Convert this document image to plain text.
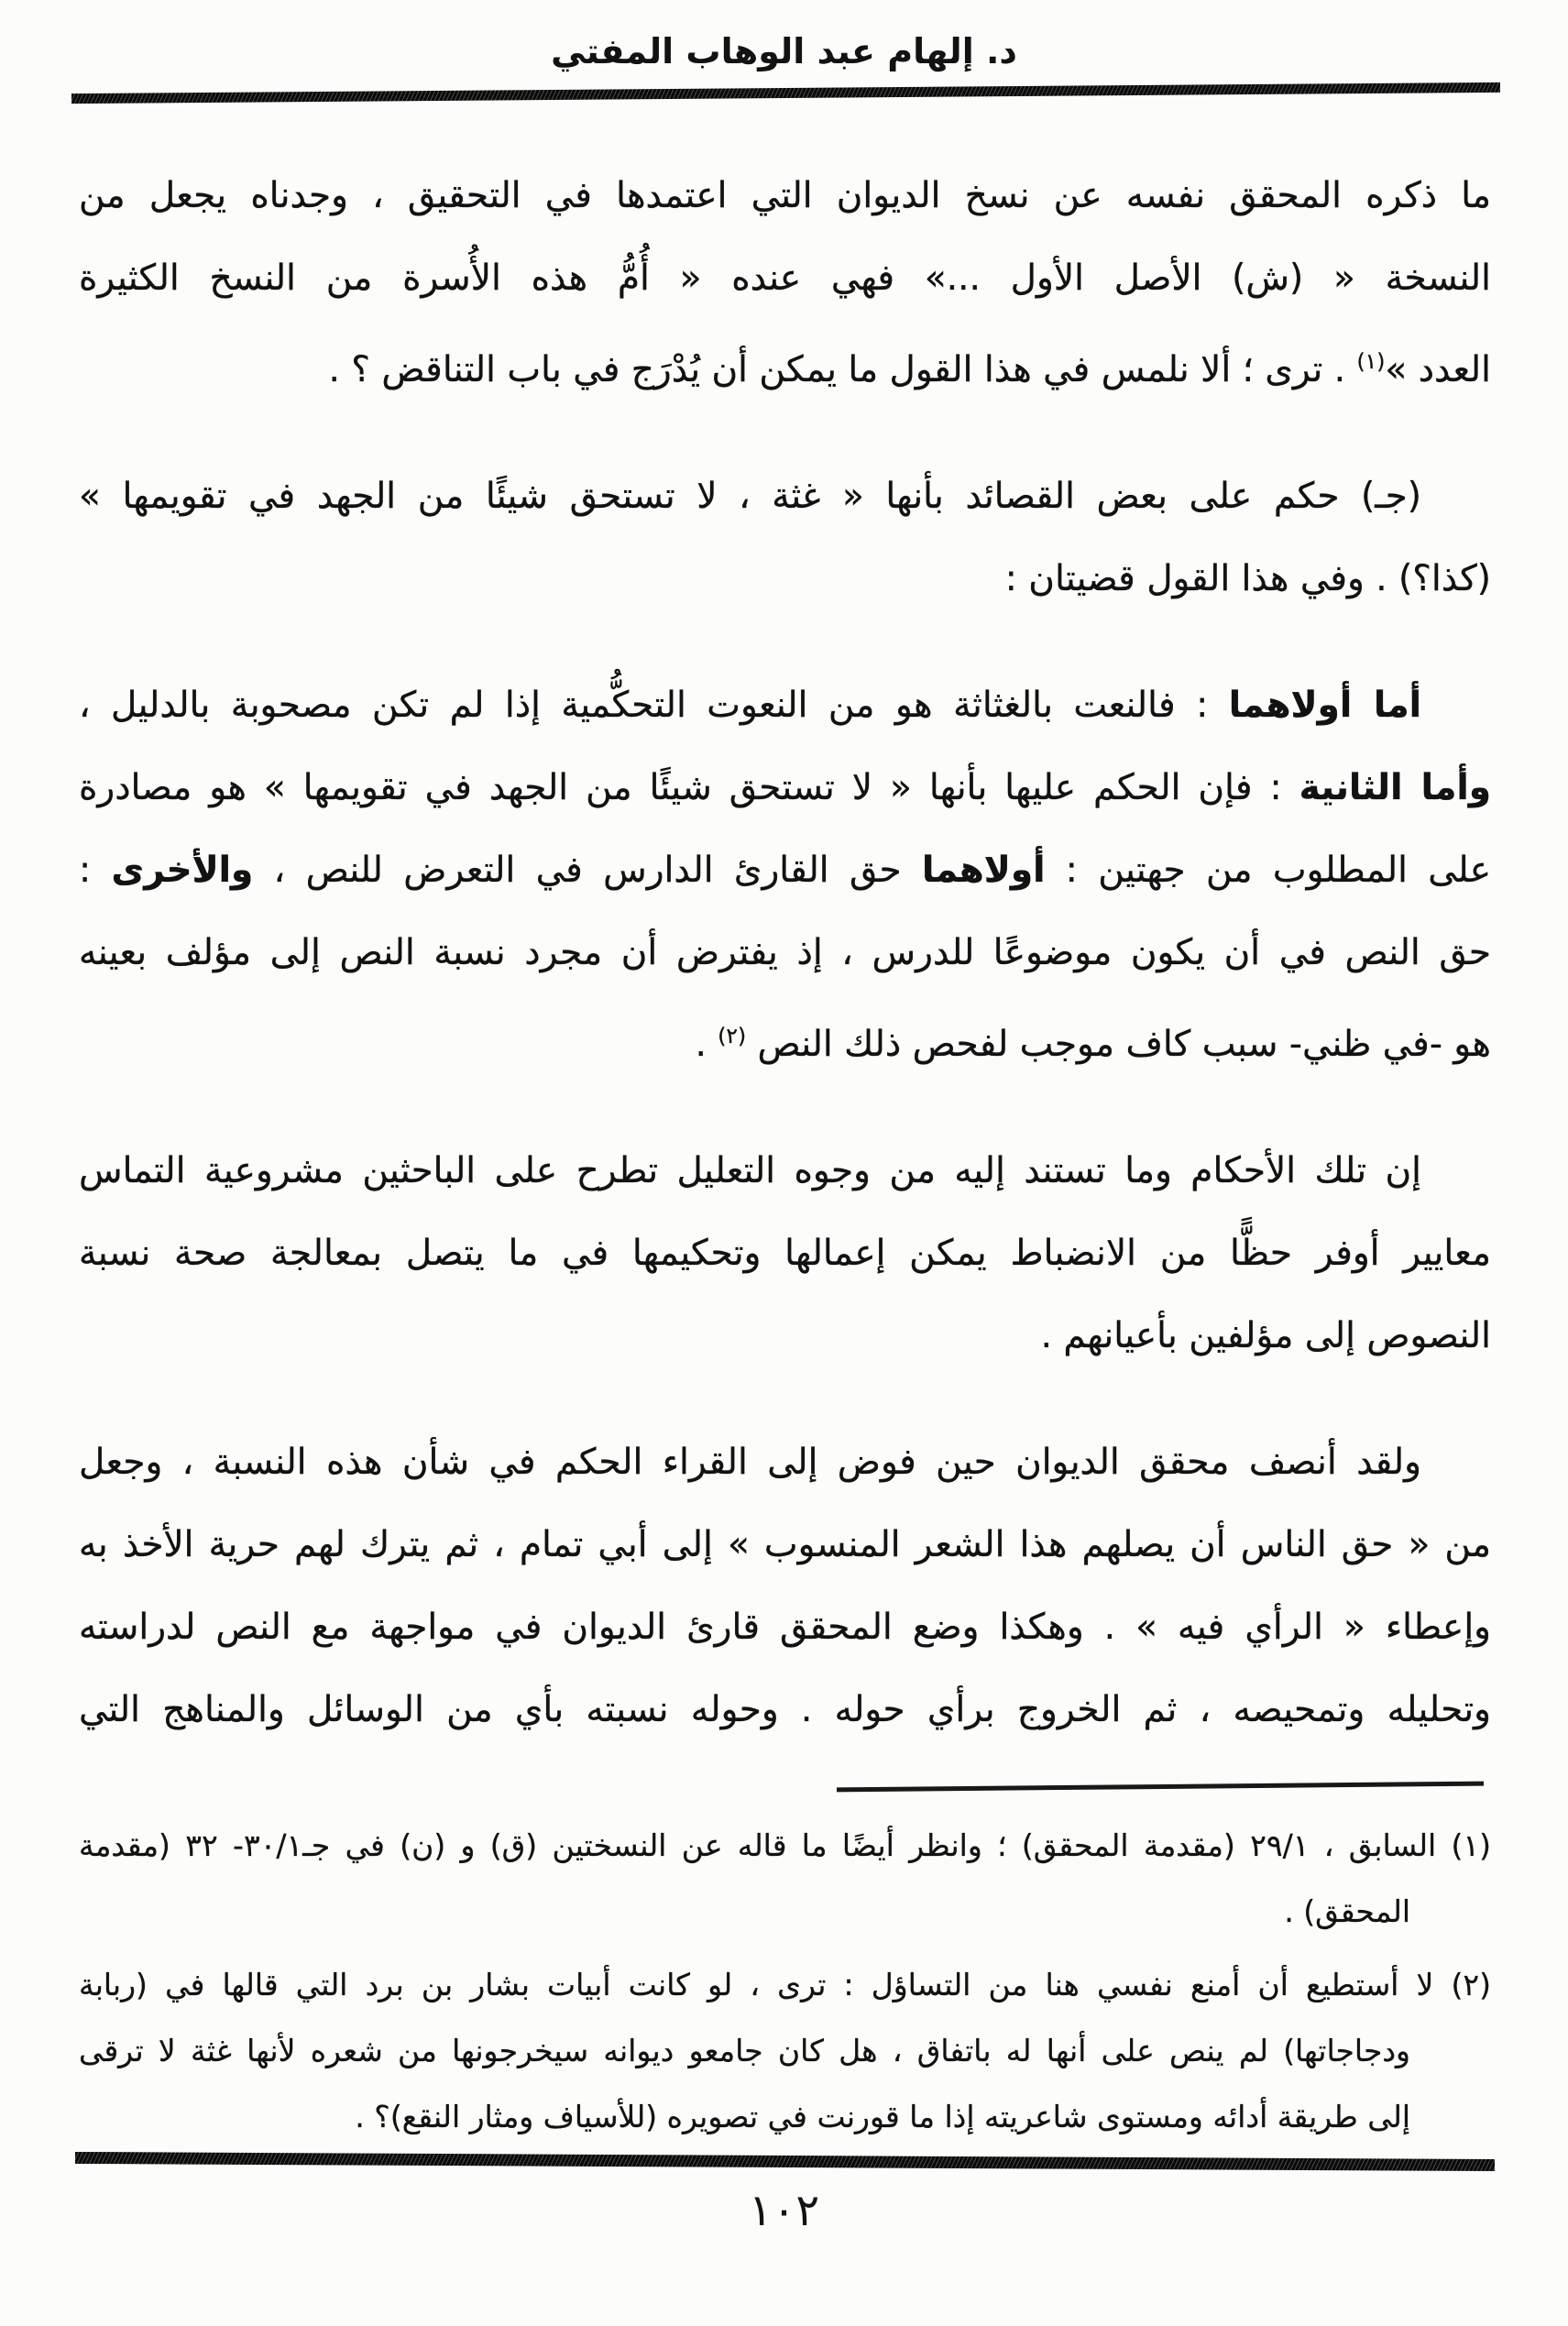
د. إلهام عبد الوهاب المفتي
ما ذكره المحقق نفسه عن نسخ الديوان التي اعتمدها في التحقيق ، وجدناه يجعل من
النسخة « (ش) الأصل الأول ...» فهي عنده « أُمُّ هذه الأُسرة من النسخ الكثيرة
العدد »$^{(١)}$ . ترى ؛ ألا نلمس في هذا القول ما يمكن أن يُدْرَج في باب التناقض ؟ .
(جـ) حكم على بعض القصائد بأنها « غثة ، لا تستحق شيئًا من الجهد في تقويمها »
(كذا؟) . وفي هذا القول قضيتان :
أما أولاهما : فالنعت بالغثاثة هو من النعوت التحكُّمية إذا لم تكن مصحوبة بالدليل ،
وأما الثانية : فإن الحكم عليها بأنها « لا تستحق شيئًا من الجهد في تقويمها » هو مصادرة
على المطلوب من جهتين : أولاهما حق القارئ الدارس في التعرض للنص ، والأخرى :
حق النص في أن يكون موضوعًا للدرس ، إذ يفترض أن مجرد نسبة النص إلى مؤلف بعينه
هو -في ظني- سبب كاف موجب لفحص ذلك النص $^{(٢)}$ .
إن تلك الأحكام وما تستند إليه من وجوه التعليل تطرح على الباحثين مشروعية التماس
معايير أوفر حظًّا من الانضباط يمكن إعمالها وتحكيمها في ما يتصل بمعالجة صحة نسبة
النصوص إلى مؤلفين بأعيانهم .
ولقد أنصف محقق الديوان حين فوض إلى القراء الحكم في شأن هذه النسبة ، وجعل
من « حق الناس أن يصلهم هذا الشعر المنسوب » إلى أبي تمام ، ثم يترك لهم حرية الأخذ به
وإعطاء « الرأي فيه » . وهكذا وضع المحقق قارئ الديوان في مواجهة مع النص لدراسته
وتحليله وتمحيصه ، ثم الخروج برأي حوله . وحوله نسبته بأي من الوسائل والمناهج التي
(١) السابق ، ٢٩/١ (مقدمة المحقق) ؛ وانظر أيضًا ما قاله عن النسختين (ق) و (ن) في جـ٣٠/١- ٣٢ (مقدمة
المحقق) .
(٢) لا أستطيع أن أمنع نفسي هنا من التساؤل : ترى ، لو كانت أبيات بشار بن برد التي قالها في (ربابة
ودجاجاتها) لم ينص على أنها له باتفاق ، هل كان جامعو ديوانه سيخرجونها من شعره لأنها غثة لا ترقى
إلى طريقة أدائه ومستوى شاعريته إذا ما قورنت في تصويره (للأسياف ومثار النقع)؟ .
١٠٢
